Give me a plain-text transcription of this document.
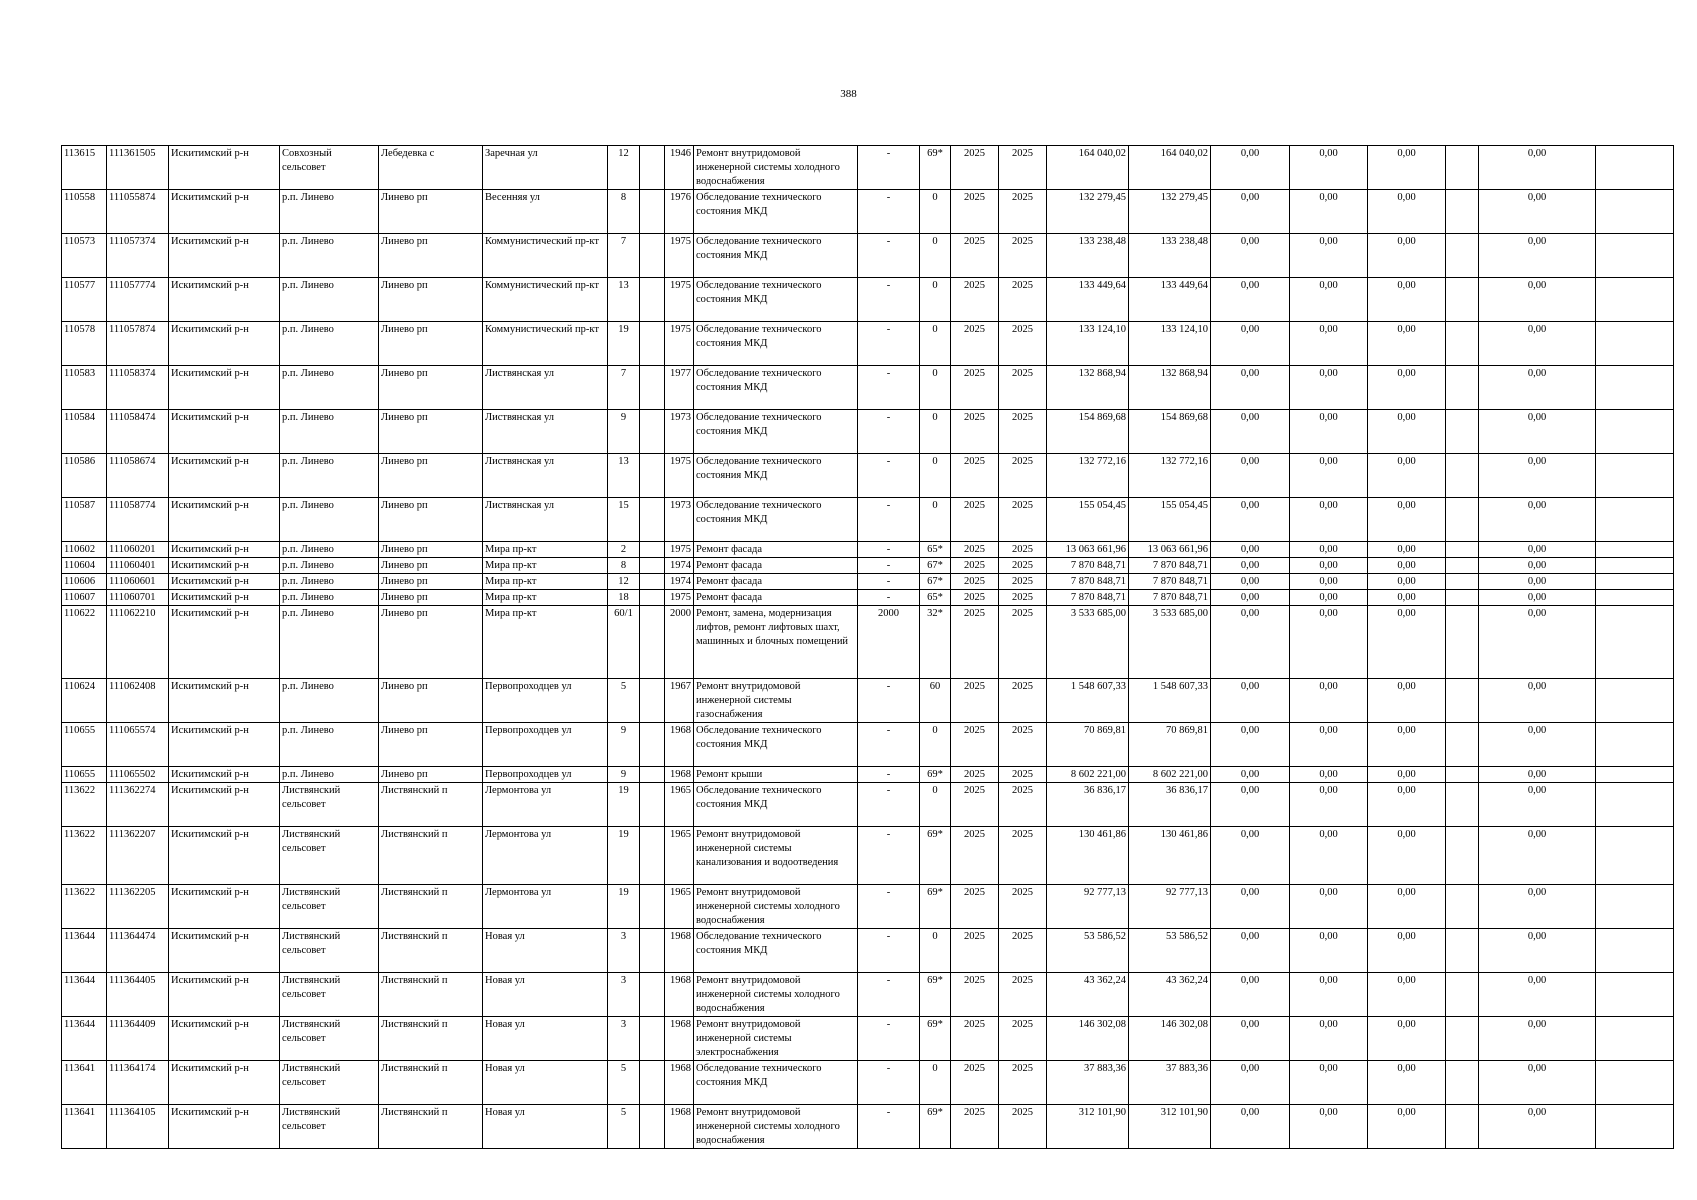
388
113615	111361505	Искитимский р-н	Совхозный сельсовет	Лебедевка с	Заречная ул	12		1946	Ремонт внутридомовой инженерной системы холодного водоснабжения	-	69*	2025	2025	164 040,02	164 040,02	0,00	0,00	0,00		0,00	
110558	111055874	Искитимский р-н	р.п. Линево	Линево рп	Весенняя ул	8		1976	Обследование технического состояния МКД	-	0	2025	2025	132 279,45	132 279,45	0,00	0,00	0,00		0,00	
110573	111057374	Искитимский р-н	р.п. Линево	Линево рп	Коммунистический пр-кт	7		1975	Обследование технического состояния МКД	-	0	2025	2025	133 238,48	133 238,48	0,00	0,00	0,00		0,00	
110577	111057774	Искитимский р-н	р.п. Линево	Линево рп	Коммунистический пр-кт	13		1975	Обследование технического состояния МКД	-	0	2025	2025	133 449,64	133 449,64	0,00	0,00	0,00		0,00	
110578	111057874	Искитимский р-н	р.п. Линево	Линево рп	Коммунистический пр-кт	19		1975	Обследование технического состояния МКД	-	0	2025	2025	133 124,10	133 124,10	0,00	0,00	0,00		0,00	
110583	111058374	Искитимский р-н	р.п. Линево	Линево рп	Листвянская ул	7		1977	Обследование технического состояния МКД	-	0	2025	2025	132 868,94	132 868,94	0,00	0,00	0,00		0,00	
110584	111058474	Искитимский р-н	р.п. Линево	Линево рп	Листвянская ул	9		1973	Обследование технического состояния МКД	-	0	2025	2025	154 869,68	154 869,68	0,00	0,00	0,00		0,00	
110586	111058674	Искитимский р-н	р.п. Линево	Линево рп	Листвянская ул	13		1975	Обследование технического состояния МКД	-	0	2025	2025	132 772,16	132 772,16	0,00	0,00	0,00		0,00	
110587	111058774	Искитимский р-н	р.п. Линево	Линево рп	Листвянская ул	15		1973	Обследование технического состояния МКД	-	0	2025	2025	155 054,45	155 054,45	0,00	0,00	0,00		0,00	
110602	111060201	Искитимский р-н	р.п. Линево	Линево рп	Мира пр-кт	2		1975	Ремонт фасада	-	65*	2025	2025	13 063 661,96	13 063 661,96	0,00	0,00	0,00		0,00	
110604	111060401	Искитимский р-н	р.п. Линево	Линево рп	Мира пр-кт	8		1974	Ремонт фасада	-	67*	2025	2025	7 870 848,71	7 870 848,71	0,00	0,00	0,00		0,00	
110606	111060601	Искитимский р-н	р.п. Линево	Линево рп	Мира пр-кт	12		1974	Ремонт фасада	-	67*	2025	2025	7 870 848,71	7 870 848,71	0,00	0,00	0,00		0,00	
110607	111060701	Искитимский р-н	р.п. Линево	Линево рп	Мира пр-кт	18		1975	Ремонт фасада	-	65*	2025	2025	7 870 848,71	7 870 848,71	0,00	0,00	0,00		0,00	
110622	111062210	Искитимский р-н	р.п. Линево	Линево рп	Мира пр-кт	60/1		2000	Ремонт, замена, модернизация лифтов, ремонт лифтовых шахт, машинных и блочных помещений	2000	32*	2025	2025	3 533 685,00	3 533 685,00	0,00	0,00	0,00		0,00	
110624	111062408	Искитимский р-н	р.п. Линево	Линево рп	Первопроходцев ул	5		1967	Ремонт внутридомовой инженерной системы газоснабжения	-	60	2025	2025	1 548 607,33	1 548 607,33	0,00	0,00	0,00		0,00	
110655	111065574	Искитимский р-н	р.п. Линево	Линево рп	Первопроходцев ул	9		1968	Обследование технического состояния МКД	-	0	2025	2025	70 869,81	70 869,81	0,00	0,00	0,00		0,00	
110655	111065502	Искитимский р-н	р.п. Линево	Линево рп	Первопроходцев ул	9		1968	Ремонт крыши	-	69*	2025	2025	8 602 221,00	8 602 221,00	0,00	0,00	0,00		0,00	
113622	111362274	Искитимский р-н	Листвянский сельсовет	Листвянский п	Лермонтова ул	19		1965	Обследование технического состояния МКД	-	0	2025	2025	36 836,17	36 836,17	0,00	0,00	0,00		0,00	
113622	111362207	Искитимский р-н	Листвянский сельсовет	Листвянский п	Лермонтова ул	19		1965	Ремонт внутридомовой инженерной системы канализования и водоотведения	-	69*	2025	2025	130 461,86	130 461,86	0,00	0,00	0,00		0,00	
113622	111362205	Искитимский р-н	Листвянский сельсовет	Листвянский п	Лермонтова ул	19		1965	Ремонт внутридомовой инженерной системы холодного водоснабжения	-	69*	2025	2025	92 777,13	92 777,13	0,00	0,00	0,00		0,00	
113644	111364474	Искитимский р-н	Листвянский сельсовет	Листвянский п	Новая ул	3		1968	Обследование технического состояния МКД	-	0	2025	2025	53 586,52	53 586,52	0,00	0,00	0,00		0,00	
113644	111364405	Искитимский р-н	Листвянский сельсовет	Листвянский п	Новая ул	3		1968	Ремонт внутридомовой инженерной системы холодного водоснабжения	-	69*	2025	2025	43 362,24	43 362,24	0,00	0,00	0,00		0,00	
113644	111364409	Искитимский р-н	Листвянский сельсовет	Листвянский п	Новая ул	3		1968	Ремонт внутридомовой инженерной системы электроснабжения	-	69*	2025	2025	146 302,08	146 302,08	0,00	0,00	0,00		0,00	
113641	111364174	Искитимский р-н	Листвянский сельсовет	Листвянский п	Новая ул	5		1968	Обследование технического состояния МКД	-	0	2025	2025	37 883,36	37 883,36	0,00	0,00	0,00		0,00	
113641	111364105	Искитимский р-н	Листвянский сельсовет	Листвянский п	Новая ул	5		1968	Ремонт внутридомовой инженерной системы холодного водоснабжения	-	69*	2025	2025	312 101,90	312 101,90	0,00	0,00	0,00		0,00	
